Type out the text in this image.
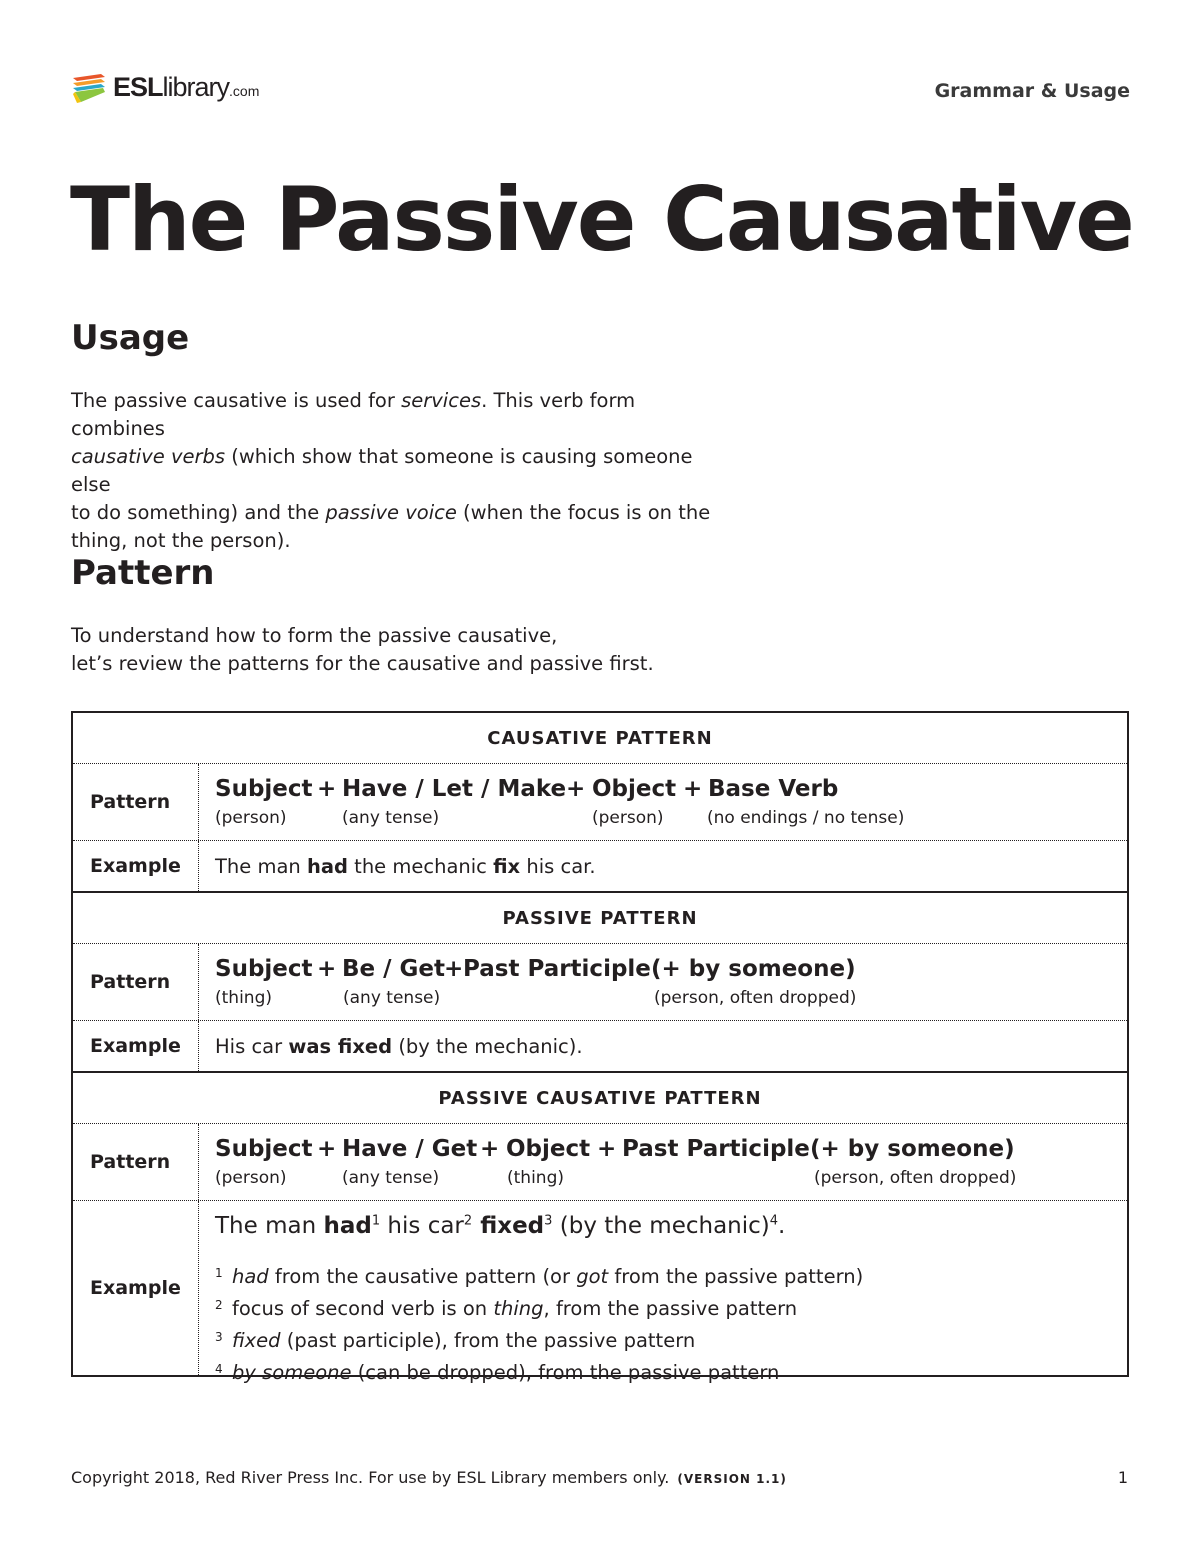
ESLlibrary.com	Grammar & Usage
The Passive Causative
Usage

The passive causative is used for services. This verb form combines

causative verbs (which show that someone is causing someone else

to do something) and the passive voice (when the focus is on the

thing, not the person).

Pattern

To understand how to form the passive causative,

let’s review the patterns for the causative and passive first.

CAUSATIVE PATTERN
Pattern	Subject + Have / Let / Make + Object + Base Verb
(person)	(any tense)	(person)	(no endings / no tense)
Example	The man had the mechanic fix his car.
PASSIVE PATTERN
Pattern	Subject + Be / Get
+ Past Participle (+ by someone)
(thing)	(any tense)	(person, often dropped)
Example	His car was fixed (by the mechanic).
PASSIVE CAUSATIVE PATTERN
Pattern	Subject + Have / Get + Object + Past Participle (+ by someone)
(person)	(any tense)	(thing)	(person, often dropped)
Example
The man had$^1$ his car$^2$ fixed$^3$ (by the mechanic)$^4$.
1 had from the causative pattern (or got from the passive pattern)
2 focus of second verb is on thing, from the passive pattern
3 fixed (past participle), from the passive pattern
4 by someone (can be dropped), from the passive pattern
Copyright 2018, Red River Press Inc. For use by ESL Library members only. (VERSION 1.1)	1
